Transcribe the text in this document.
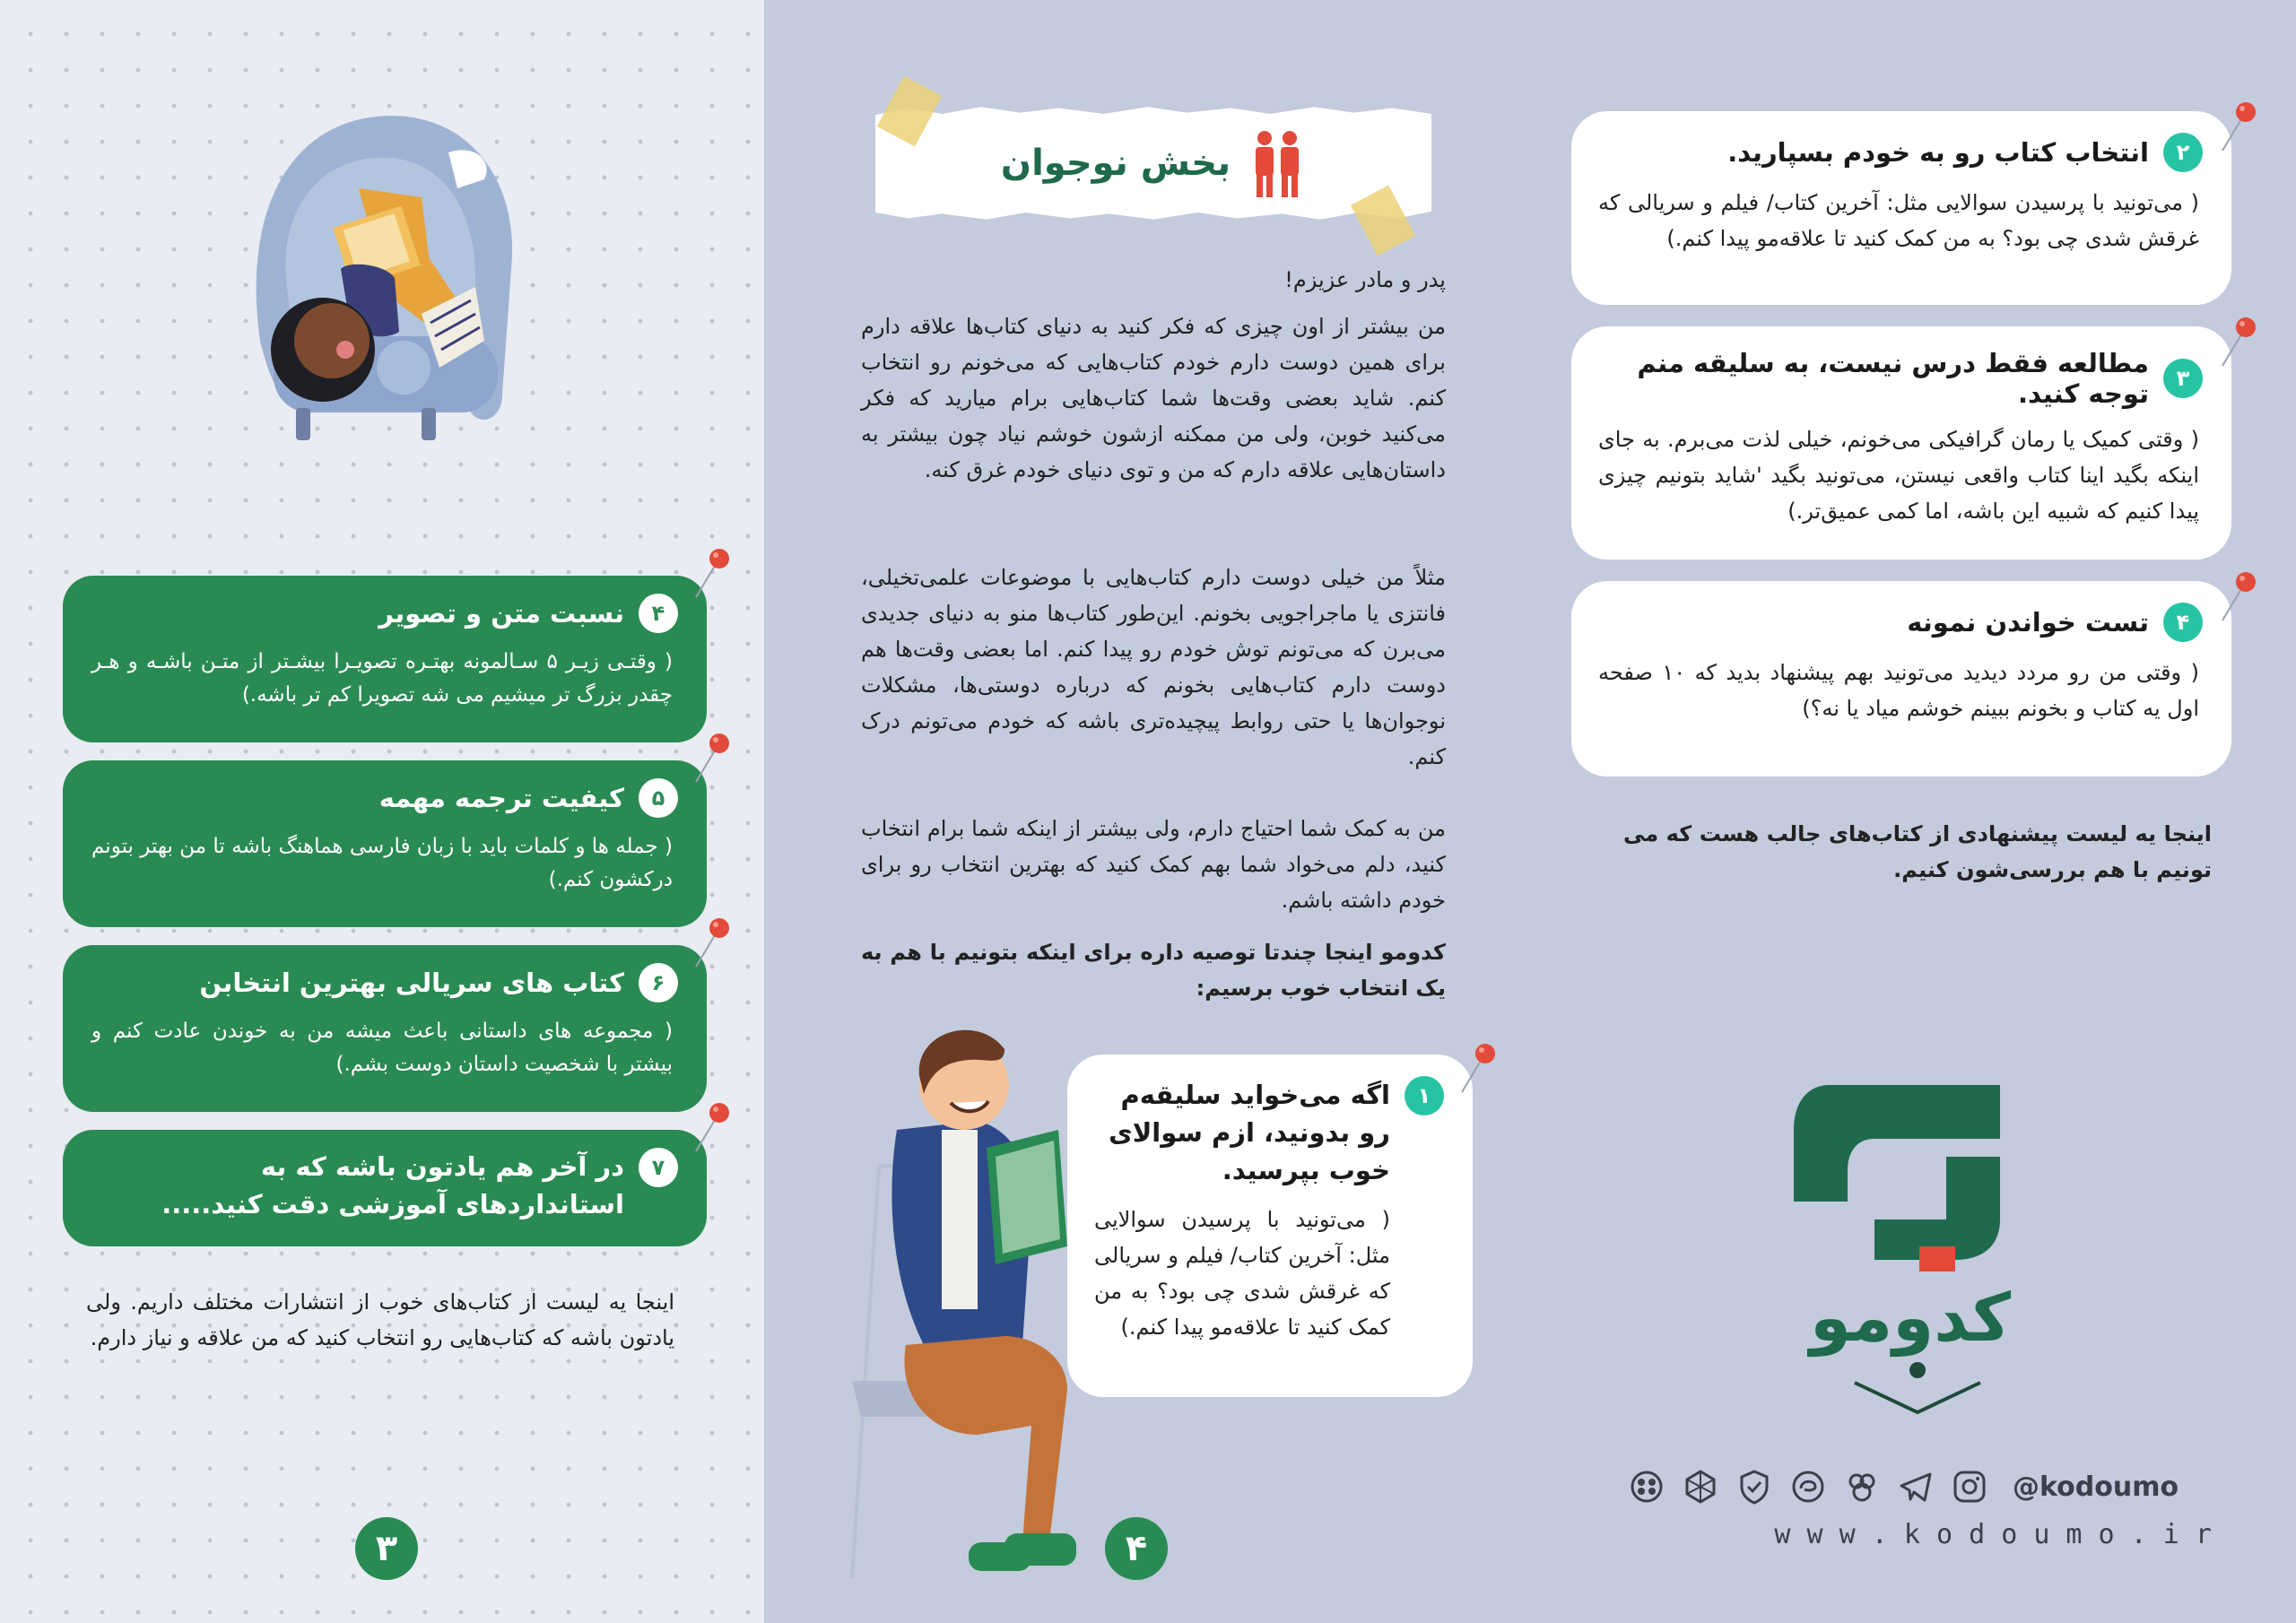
۴
نسبت متن و تصویر
( وقتـی زیـر ۵ سـالمونه بهتـره تصویـرا بیشـتر از متـن باشـه و هـر چقدر بزرگ تر میشیم می شه تصویرا کم تر باشه.)
۵
کیفیت ترجمه مهمه
( جمله ها و کلمات باید با زبان فارسی هماهنگ باشه تا من بهتر بتونم درکشون کنم.)
۶
کتاب های سریالی بهترین انتخابن
( مجموعه های داستانی باعث میشه من به خوندن عادت کنم و بیشتر با شخصیت داستان دوست بشم.)
۷
در آخر هم یادتون باشه که به استانداردهای آموزشی دقت کنید.....
اینجا یه لیست از کتاب‌های خوب از انتشارات مختلف داریم. ولی یادتون باشه که کتاب‌هایی رو انتخاب کنید که من علاقه و نیاز دارم.
۳
بخش نوجوان
پدر و مادر عزیزم!
من بیشتر از اون چیزی که فکر کنید به دنیای کتاب‌ها علاقه دارم برای همین دوست دارم خودم کتاب‌هایی که می‌خونم رو انتخاب کنم. شاید بعضی وقت‌ها شما کتاب‌هایی برام میارید که فکر می‌کنید خوبن، ولی من ممکنه ازشون خوشم نیاد چون بیشتر به داستان‌هایی علاقه دارم که من و توی دنیای خودم غرق کنه.
مثلاً من خیلی دوست دارم کتاب‌هایی با موضوعات علمی‌تخیلی، فانتزی یا ماجراجویی بخونم. این‌طور کتاب‌ها منو به دنیای جدیدی می‌برن که می‌تونم توش خودم رو پیدا کنم. اما بعضی وقت‌ها هم دوست دارم کتاب‌هایی بخونم که درباره دوستی‌ها، مشکلات نوجوان‌ها یا حتی روابط پیچیده‌تری باشه که خودم می‌تونم درک کنم.
من به کمک شما احتیاج دارم، ولی بیشتر از اینکه شما برام انتخاب کنید، دلم می‌خواد شما بهم کمک کنید که بهترین انتخاب رو برای خودم داشته باشم.
کدومو اینجا چندتا توصیه داره برای اینکه بتونیم با هم به یک انتخاب خوب برسیم:
۱
اگه می‌خواید سلیقه‌م رو بدونید، ازم سوالای خوب بپرسید.
( می‌تونید با پرسیدن سوالایی مثل: آخرین کتاب/ فیلم و سریالی که غرقش شدی چی بود؟ به من کمک کنید تا علاقه‌مو پیدا کنم.)
۴
۲
انتخاب کتاب رو به خودم بسپارید.
( می‌تونید با پرسیدن سوالایی مثل: آخرین کتاب/ فیلم و سریالی که غرقش شدی چی بود؟ به من کمک کنید تا علاقه‌مو پیدا کنم.)
۳
مطالعه فقط درس نیست، به سلیقه منم توجه کنید.
( وقتی کمیک یا رمان گرافیکی می‌خونم، خیلی لذت می‌برم. به جای اینکه بگید اینا کتاب واقعی نیستن، می‌تونید بگید 'شاید بتونیم چیزی پیدا کنیم که شبیه این باشه، اما کمی عمیق‌تر.)
۴
تست خواندن نمونه
( وقتی من رو مردد دیدید می‌تونید بهم پیشنهاد بدید که ۱۰ صفحه اول یه کتاب و بخونم ببینم خوشم میاد یا نه؟)
اینجا یه لیست پیشنهادی از کتاب‌های جالب هست که می تونیم با هم بررسی‌شون کنیم.
کدومو
@kodoumo
w w w . k o d o u m o . i r
